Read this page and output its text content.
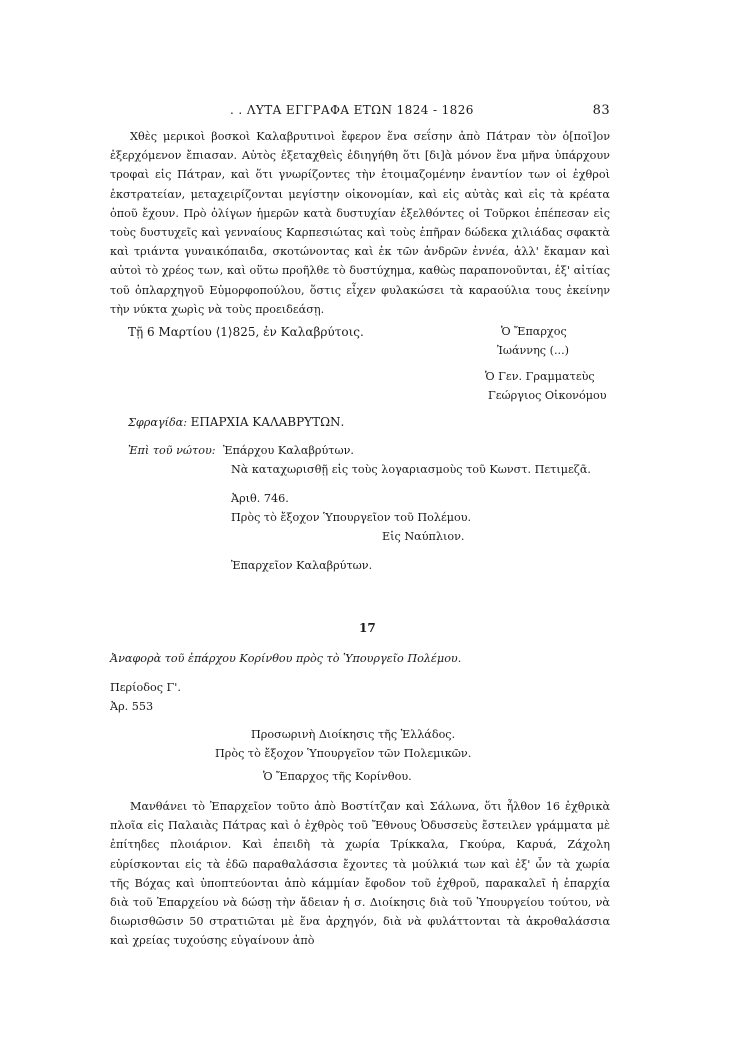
. . ΛΥΤΑ ΕΓΓΡΑΦΑ ΕΤΩΝ 1824 - 1826	83
Χθὲς μερικοὶ βοσκοὶ Καλαβρυτινοὶ ἔφερον ἕνα σεΐσην ἀπὸ Πάτραν τὸν ὁ[ποῖ]ον ἐξερχόμενον ἔπιασαν. Αὐτὸς ἐξεταχθεὶς ἐδιηγήθη ὅτι [δι]ὰ μόνον ἕνα μῆνα ὑπάρχουν τροφαὶ εἰς Πάτραν, καὶ ὅτι γνωρίζοντες τὴν ἑτοιμαζομένην ἐναντίον των οἱ ἐχθροὶ ἐκστρατείαν, μεταχειρίζονται μεγίστην οἰκονομίαν, καὶ εἰς αὐτὰς καὶ εἰς τὰ κρέατα ὁποῦ ἔχουν. Πρὸ ὀλίγων ἡμερῶν κατὰ δυστυχίαν ἐξελθόντες οἱ Τοῦρκοι ἐπέπεσαν εἰς τοὺς δυστυχεῖς καὶ γενναίους Καρπεσιώτας καὶ τοὺς ἐπῆραν δώδεκα χιλιάδας σφακτὰ καὶ τριάντα γυναικόπαιδα, σκοτώνοντας καὶ ἐκ τῶν ἀνδρῶν ἐννέα, ἀλλ' ἔκαμαν καὶ αὐτοὶ τὸ χρέος των, καὶ οὕτω προῆλθε τὸ δυστύχημα, καθὼς παραπονοῦνται, ἐξ' αἰτίας τοῦ ὁπλαρχηγοῦ Εὐμορφοπούλου, ὅστις εἶχεν φυλακώσει τὰ καραούλια τους ἐκείνην τὴν νύκτα χωρὶς νὰ τοὺς προειδεάσῃ.
Τῇ 6 Μαρτίου ⟨1⟩825, ἐν Καλαβρύτοις.	Ὁ Ἔπαρχος
Ἰωάννης (...)
Ὁ Γεν. Γραμματεὺς
Γεώργιος Οἰκονόμου
Σφραγίδα: ΕΠΑΡΧΙΑ ΚΑΛΑΒΡΥΤΩΝ.
Ἐπὶ τοῦ νώτου: Ἐπάρχου Καλαβρύτων.
Νὰ καταχωρισθῇ εἰς τοὺς λογαριασμοὺς τοῦ Κωνστ. Πετιμεζᾶ.
Ἀριθ. 746.
Πρὸς τὸ ἔξοχον Ὑπουργεῖον τοῦ Πολέμου.
Εἰς Ναύπλιον.
Ἐπαρχεῖον Καλαβρύτων.
17
Ἀναφορὰ τοῦ ἐπάρχου Κορίνθου πρὸς τὸ Ὑπουργεῖο Πολέμου.
Περίοδος Γ'.
Ἀρ. 553
Προσωρινὴ Διοίκησις τῆς Ἑλλάδος.
Πρὸς τὸ ἔξοχον Ὑπουργεῖον τῶν Πολεμικῶν.
Ὁ Ἔπαρχος τῆς Κορίνθου.
Μανθάνει τὸ Ἐπαρχεῖον τοῦτο ἀπὸ Βοστίτζαν καὶ Σάλωνα, ὅτι ἦλθον 16 ἐχθρικὰ πλοῖα εἰς Παλαιὰς Πάτρας καὶ ὁ ἐχθρὸς τοῦ Ἔθνους Ὀδυσσεὺς ἔστειλεν γράμματα μὲ ἐπίτηδες πλοιάριον. Καὶ ἐπειδὴ τὰ χωρία Τρίκκαλα, Γκούρα, Καρυά, Ζάχολη εὑρίσκονται εἰς τὰ ἐδῶ παραθαλάσσια ἔχοντες τὰ μούλκιά των καὶ ἐξ' ὧν τὰ χωρία τῆς Βόχας καὶ ὑποπτεύονται ἀπὸ κάμμίαν ἔφοδον τοῦ ἐχθροῦ, παρακαλεῖ ἡ ἐπαρχία διὰ τοῦ Ἐπαρχείου νὰ δώσῃ τὴν ἄδειαν ἡ σ. Διοίκησις διὰ τοῦ Ὑπουργείου τούτου, νὰ διωρισθῶσιν 50 στρατιῶται μὲ ἕνα ἀρχηγόν, διὰ νὰ φυλάττονται τὰ ἀκροθαλάσσια καὶ χρείας τυχούσης εὐγαίνουν ἀπὸ
